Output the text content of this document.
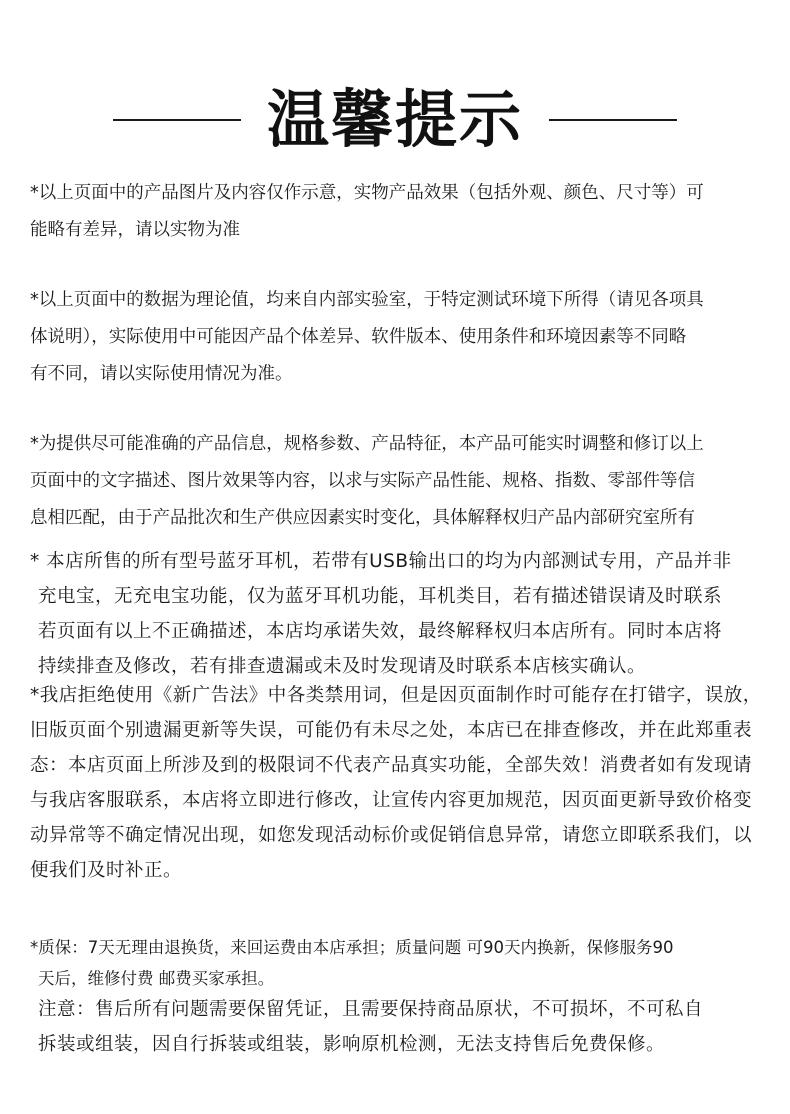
温馨提示

*以上页面中的产品图片及内容仅作示意，实物产品效果（包括外观、颜色、尺寸等）可
能略有差异，请以实物为准

*以上页面中的数据为理论值，均来自内部实验室，于特定测试环境下所得（请见各项具
体说明），实际使用中可能因产品个体差异、软件版本、使用条件和环境因素等不同略
有不同，请以实际使用情况为准。

*为提供尽可能准确的产品信息，规格参数、产品特征，本产品可能实时调整和修订以上
页面中的文字描述、图片效果等内容，以求与实际产品性能、规格、指数、零部件等信
息相匹配，由于产品批次和生产供应因素实时变化，具体解释权归产品内部研究室所有

* 本店所售的所有型号蓝牙耳机，若带有USB输出口的均为内部测试专用，产品并非
充电宝，无充电宝功能，仅为蓝牙耳机功能，耳机类目，若有描述错误请及时联系
若页面有以上不正确描述，本店均承诺失效，最终解释权归本店所有。同时本店将
持续排查及修改，若有排查遗漏或未及时发现请及时联系本店核实确认。

*我店拒绝使用《新广告法》中各类禁用词，但是因页面制作时可能存在打错字，误放，
旧版页面个别遗漏更新等失误，可能仍有未尽之处，本店已在排查修改，并在此郑重表
态：本店页面上所涉及到的极限词不代表产品真实功能，全部失效！消费者如有发现请
与我店客服联系，本店将立即进行修改，让宣传内容更加规范，因页面更新导致价格变
动异常等不确定情况出现，如您发现活动标价或促销信息异常，请您立即联系我们，以
便我们及时补正。

*质保：7天无理由退换货，来回运费由本店承担；质量问题 可90天内换新，保修服务90
天后，维修付费 邮费买家承担。

注意：售后所有问题需要保留凭证，且需要保持商品原状，不可损坏，不可私自
拆装或组装，因自行拆装或组装，影响原机检测，无法支持售后免费保修。
